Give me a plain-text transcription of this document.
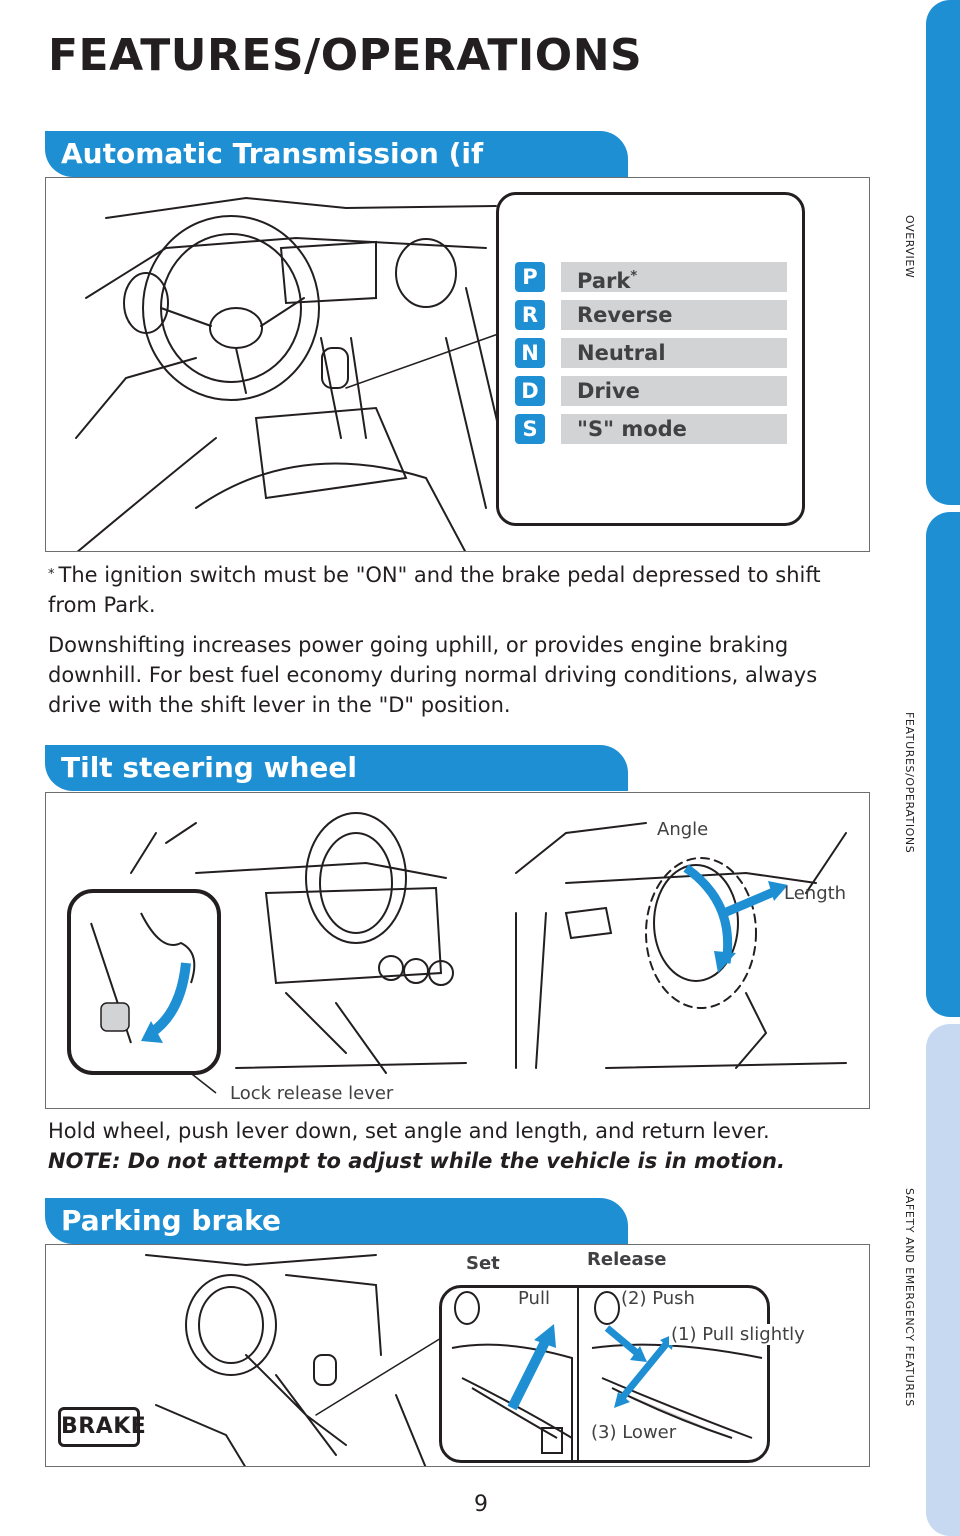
OVERVIEW
FEATURES/OPERATIONS
SAFETY AND EMERGENCY FEATURES
FEATURES/OPERATIONS
Automatic Transmission (if
P	Park*
R	Reverse
N	Neutral
D	Drive
S	"S" mode
* The ignition switch must be "ON" and the brake pedal depressed to shift from Park.
Downshifting increases power going uphill, or provides engine braking downhill. For best fuel economy during normal driving conditions, always drive with the shift lever in the "D" position.
Tilt steering wheel
Angle
Length
Lock release lever
Hold wheel, push lever down, set angle and length, and return lever.
NOTE: Do not attempt to adjust while the vehicle is in motion.
Parking brake
BRAKE
Set	Release
Pull	(2) Push
(1) Pull slightly
(3) Lower
9
